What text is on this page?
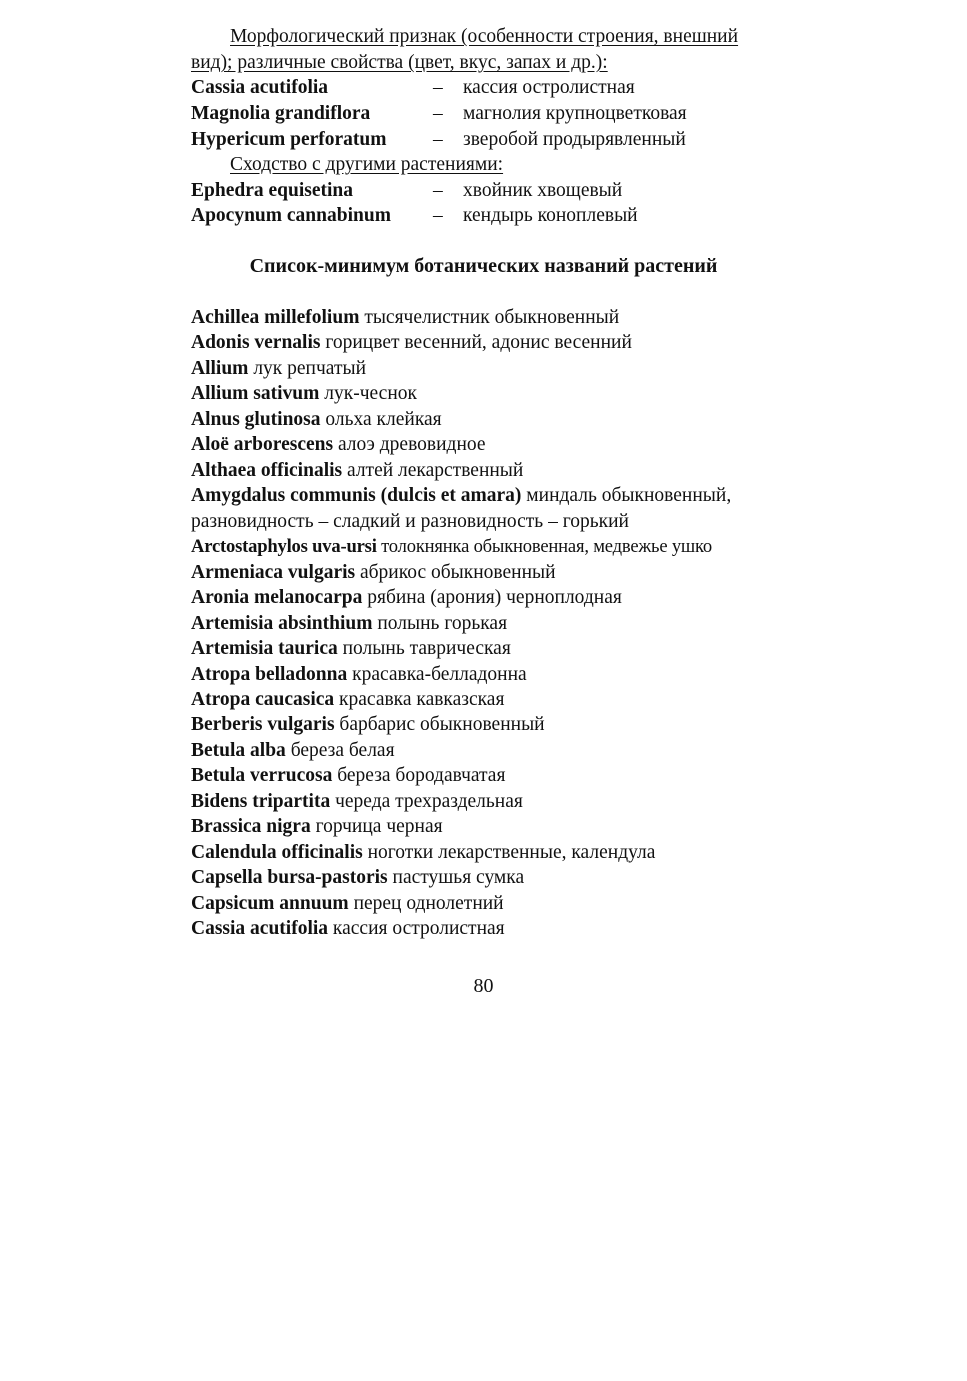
Морфологический признак (особенности строения, внешний
вид); различные свойства (цвет, вкус, запах и др.):
Cassia acutifolia	– кассия остролистная
Magnolia grandiflora	– магнолия крупноцветковая
Hypericum perforatum – зверобой продырявленный
Сходство с другими растениями:
Ephedra equisetina	– хвойник хвощевый
Apocynum cannabinum – кендырь коноплевый
Список-минимум ботанических названий растений
Achillea millefolium тысячелистник обыкновенный
Adonis vernalis горицвет весенний, адонис весенний
Allium лук репчатый
Allium sativum лук-чеснок
Alnus glutinosa ольха клейкая
Aloë arborescens алоэ древовидное
Althaea officinalis алтей лекарственный
Amygdalus communis (dulcis et amara) миндаль обыкновенный,
разновидность – сладкий и разновидность – горький
Arctostaphylos uva-ursi толокнянка обыкновенная, медвежье ушко
Armeniaca vulgaris абрикос обыкновенный
Aronia melanocarpa рябина (арония) черноплодная
Artemisia absinthium полынь горькая
Artemisia taurica полынь таврическая
Atropa belladonna красавка-белладонна
Atropa caucasica красавка кавказская
Berberis vulgaris барбарис обыкновенный
Betula alba береза белая
Betula verrucosa береза бородавчатая
Bidens tripartita череда трехраздельная
Brassica nigra горчица черная
Calendula officinalis ноготки лекарственные, календула
Capsella bursa-pastoris пастушья сумка
Capsicum annuum перец однолетний
Cassia acutifolia кассия остролистная
80
